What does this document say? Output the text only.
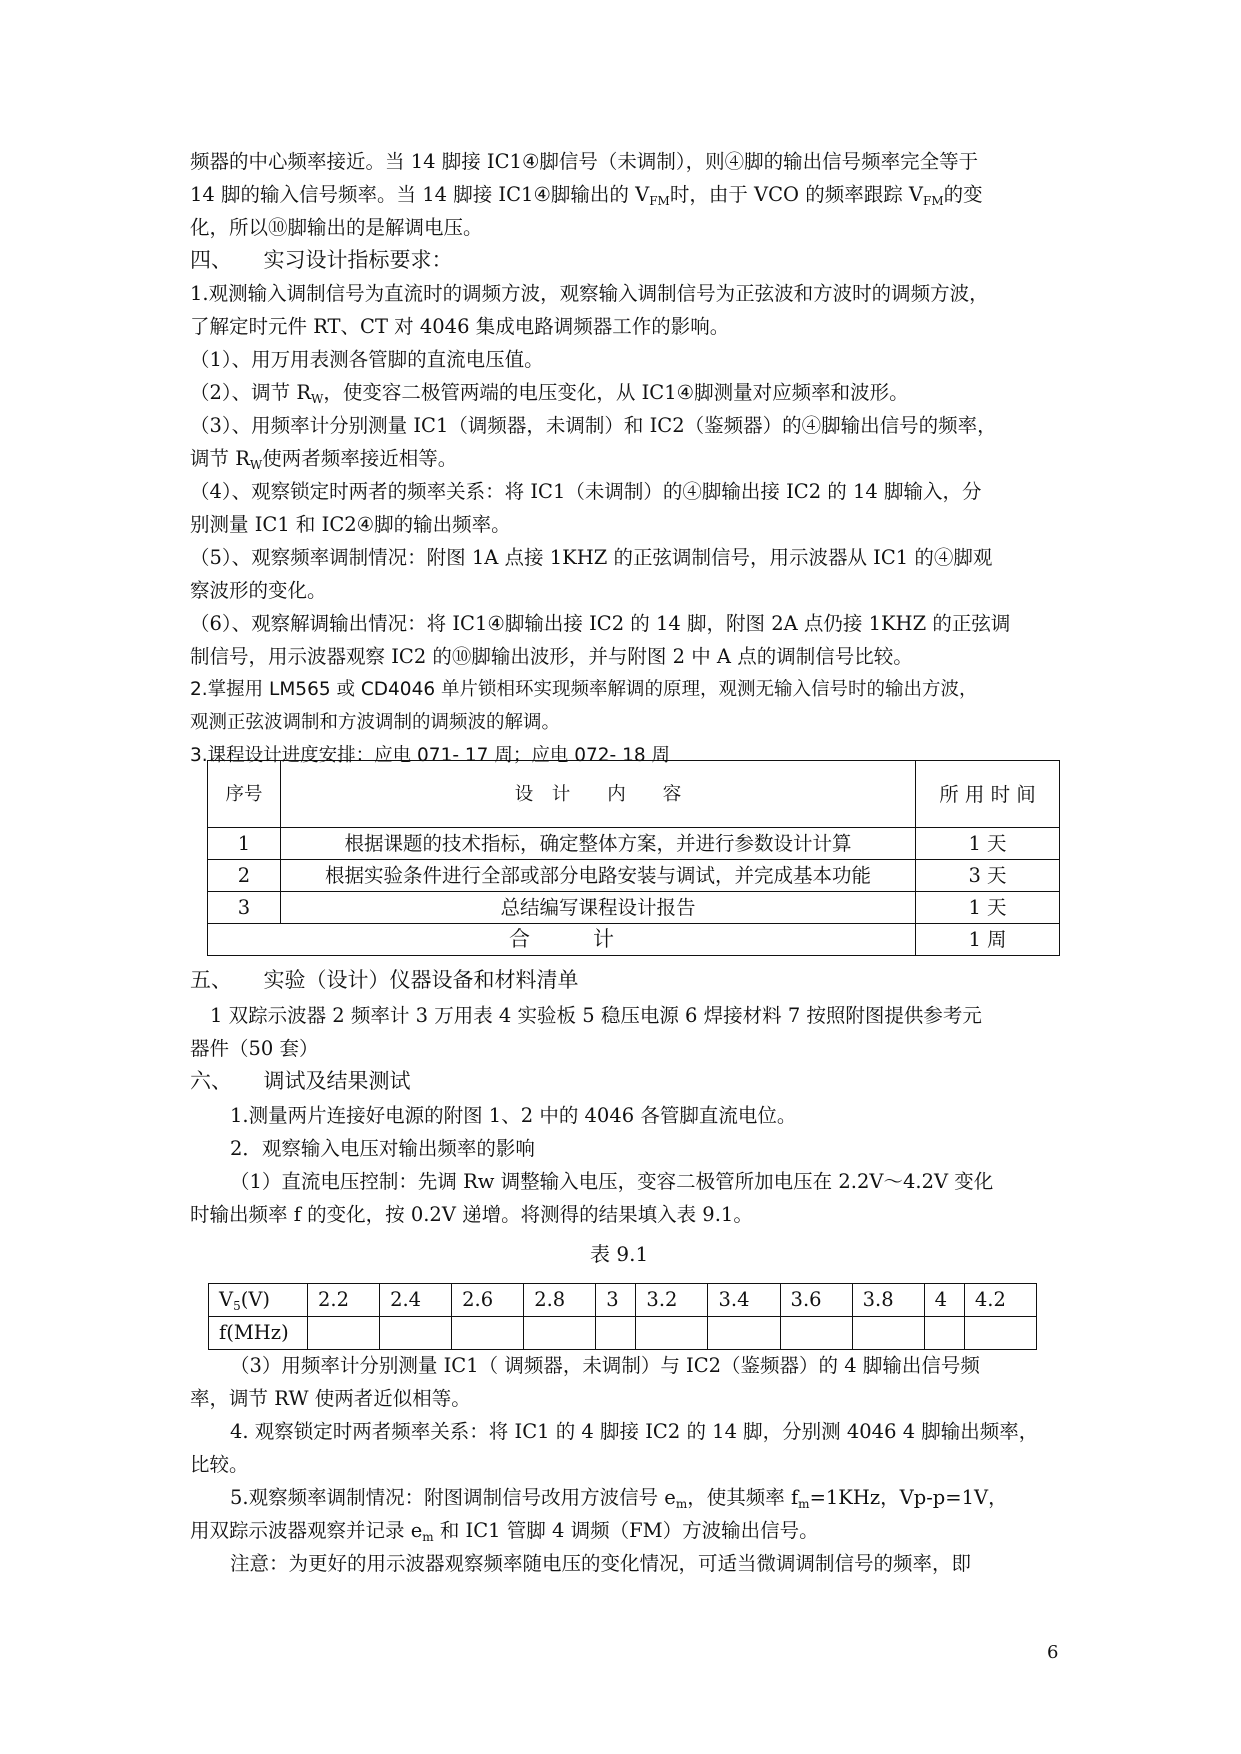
频器的中心频率接近。当 14 脚接 IC1④脚信号（未调制），则④脚的输出信号频率完全等于
14 脚的输入信号频率。当 14 脚接 IC1④脚输出的 $V_{FM}$时，由于 VCO 的频率跟踪 $V_{FM}$的变
化，所以⑩脚输出的是解调电压。
四、　　实习设计指标要求：
1.观测输入调制信号为直流时的调频方波，观察输入调制信号为正弦波和方波时的调频方波，
了解定时元件 RT、CT 对 4046 集成电路调频器工作的影响。
（1）、用万用表测各管脚的直流电压值。
（2）、调节 $R_W$，使变容二极管两端的电压变化，从 IC1④脚测量对应频率和波形。
（3）、用频率计分别测量 IC1（调频器，未调制）和 IC2（鉴频器）的④脚输出信号的频率，
调节 $R_W$使两者频率接近相等。
（4）、观察锁定时两者的频率关系：将 IC1（未调制）的④脚输出接 IC2 的 14 脚输入，分
别测量 IC1 和 IC2④脚的输出频率。
（5）、观察频率调制情况：附图 1A 点接 1KHZ 的正弦调制信号，用示波器从 IC1 的④脚观
察波形的变化。
（6）、观察解调输出情况：将 IC1④脚输出接 IC2 的 14 脚，附图 2A 点仍接 1KHZ 的正弦调
制信号，用示波器观察 IC2 的⑩脚输出波形，并与附图 2 中 A 点的调制信号比较。
2.掌握用 LM565 或 CD4046 单片锁相环实现频率解调的原理，观测无输入信号时的输出方波，
观测正弦波调制和方波调制的调频波的解调。
3.课程设计进度安排：应电 071- 17 周；应电 072- 18 周
序号	设　计　　内　　容	所 用 时 间
1	根据课题的技术指标，确定整体方案，并进行参数设计计算	1 天
2	根据实验条件进行全部或部分电路安装与调试，并完成基本功能	3 天
3	总结编写课程设计报告	1 天
合　　　计		1 周
五、　　实验（设计）仪器设备和材料清单
1 双踪示波器 2 频率计 3 万用表 4 实验板 5 稳压电源 6 焊接材料 7 按照附图提供参考元
器件（50 套）
六、　　调试及结果测试
1.测量两片连接好电源的附图 1、2 中的 4046 各管脚直流电位。
2．观察输入电压对输出频率的影响
（1）直流电压控制：先调 Rw 调整输入电压，变容二极管所加电压在 2.2V～4.2V 变化
时输出频率 f 的变化，按 0.2V 递增。将测得的结果填入表 9.1。
表 9.1
$V_5(V)$	2.2	2.4	2.6	2.8	3	3.2	3.4	3.6	3.8	4	4.2
f(MHz)											
（3）用频率计分别测量 IC1（ 调频器，未调制）与 IC2（鉴频器）的 4 脚输出信号频
率，调节 RW 使两者近似相等。
4. 观察锁定时两者频率关系：将 IC1 的 4 脚接 IC2 的 14 脚，分别测 4046 4 脚输出频率，
比较。
5.观察频率调制情况：附图调制信号改用方波信号 $e_m$，使其频率 $f_m=1KHz$，Vp-p=1V，
用双踪示波器观察并记录 $e_m$ 和 IC1 管脚 4 调频（FM）方波输出信号。
注意：为更好的用示波器观察频率随电压的变化情况，可适当微调调制信号的频率，即
6
